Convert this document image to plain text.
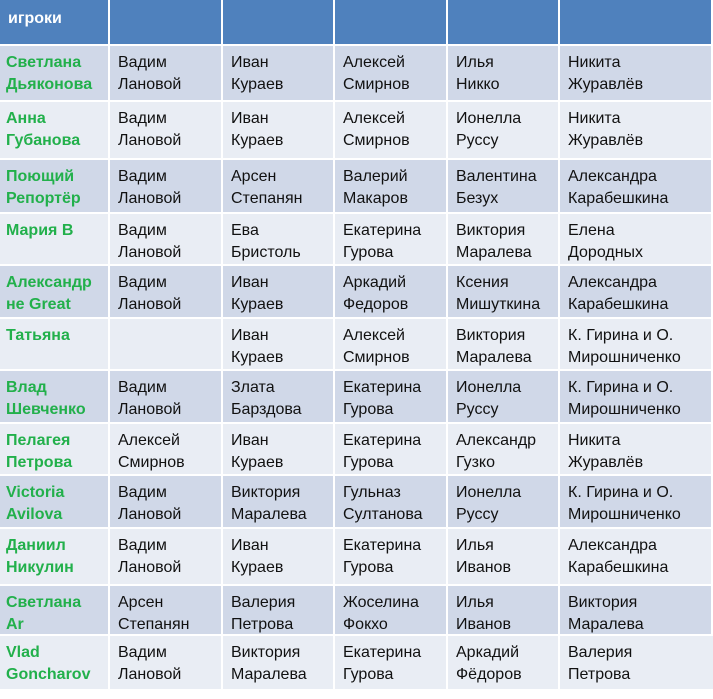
игроки
Светлана
Дьяконова
Вадим
Лановой
Иван
Кураев
Алексей
Смирнов
Илья
Никко
Никита
Журавлёв
Анна
Губанова
Вадим
Лановой
Иван
Кураев
Алексей
Смирнов
Ионелла
Руссу
Никита
Журавлёв
Поющий
Репортёр
Вадим
Лановой
Арсен
Степанян
Валерий
Макаров
Валентина
Безух
Александра
Карабешкина
Мария В	Вадим
Лановой
Ева
Бристоль
Екатерина
Гурова
Виктория
Маралева
Елена
Дородных
Александр
не Great
Вадим
Лановой
Иван
Кураев
Аркадий
Федоров
Ксения
Мишуткина
Александра
Карабешкина
Татьяна	Иван
Кураев
Алексей
Смирнов
Виктория
Маралева
К. Гирина и О.
Мирошниченко
Влад
Шевченко
Вадим
Лановой
Злата
Барздова
Екатерина
Гурова
Ионелла
Руссу
К. Гирина и О.
Мирошниченко
Пелагея
Петрова
Алексей
Смирнов
Иван
Кураев
Екатерина
Гурова
Александр
Гузко
Никита
Журавлёв
Victoria
Avilova
Вадим
Лановой
Виктория
Маралева
Гульназ
Султанова
Ионелла
Руссу
К. Гирина и О.
Мирошниченко
Даниил
Никулин
Вадим
Лановой
Иван
Кураев
Екатерина
Гурова
Илья
Иванов
Александра
Карабешкина
Светлана
Ar
Арсен
Степанян
Валерия
Петрова
Жоселина
Фокхо
Илья
Иванов
Виктория
Маралева
Vlad
Goncharov
Вадим
Лановой
Виктория
Маралева
Екатерина
Гурова
Аркадий
Фёдоров
Валерия
Петрова
